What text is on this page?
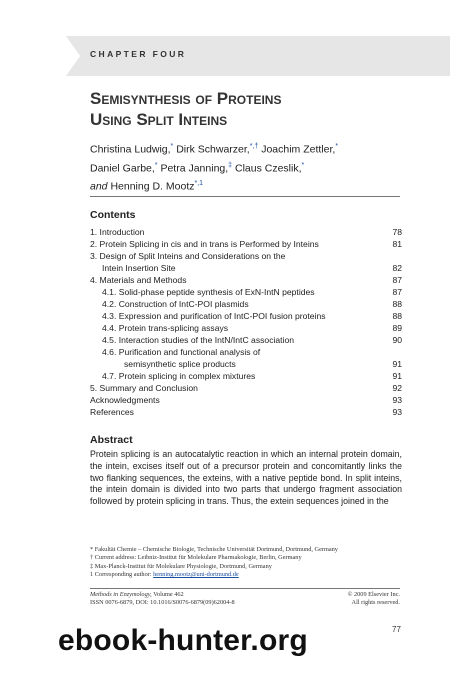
CHAPTER FOUR
Semisynthesis of Proteins
Using Split Inteins
Christina Ludwig,* Dirk Schwarzer,*,† Joachim Zettler,*
Daniel Garbe,* Petra Janning,‡ Claus Czeslik,*
and Henning D. Mootz$^{*,1}$
Contents
1. Introduction	78
2. Protein Splicing in cis and in trans is Performed by Inteins	81
3. Design of Split Inteins and Considerations on the
Intein Insertion Site	82
4. Materials and Methods	87
4.1. Solid-phase peptide synthesis of ExN-IntN peptides	87
4.2. Construction of IntC-POI plasmids	88
4.3. Expression and purification of IntC-POI fusion proteins	88
4.4. Protein trans-splicing assays	89
4.5. Interaction studies of the IntN/IntC association	90
4.6. Purification and functional analysis of
semisynthetic splice products	91
4.7. Protein splicing in complex mixtures	91
5. Summary and Conclusion	92
Acknowledgments	93
References	93
Abstract
Protein splicing is an autocatalytic reaction in which an internal protein domain, the intein, excises itself out of a precursor protein and concomitantly links the two flanking sequences, the exteins, with a native peptide bond. In split inteins, the intein domain is divided into two parts that undergo fragment association followed by protein splicing in trans. Thus, the extein sequences joined in the
* Fakultät Chemie – Chemische Biologie, Technische Universität Dortmund, Dortmund, Germany
† Current address: Leibniz-Institut für Molekulare Pharmakologie, Berlin, Germany
‡ Max-Planck-Institut für Molekulare Physiologie, Dortmund, Germany
1 Corresponding author: henning.mootz@uni-dortmund.de
Methods in Enzymology, Volume 462	© 2009 Elsevier Inc.
ISSN 0076-6879, DOI: 10.1016/S0076-6879(09)62004-8	All rights reserved.
77
ebook-hunter.org
